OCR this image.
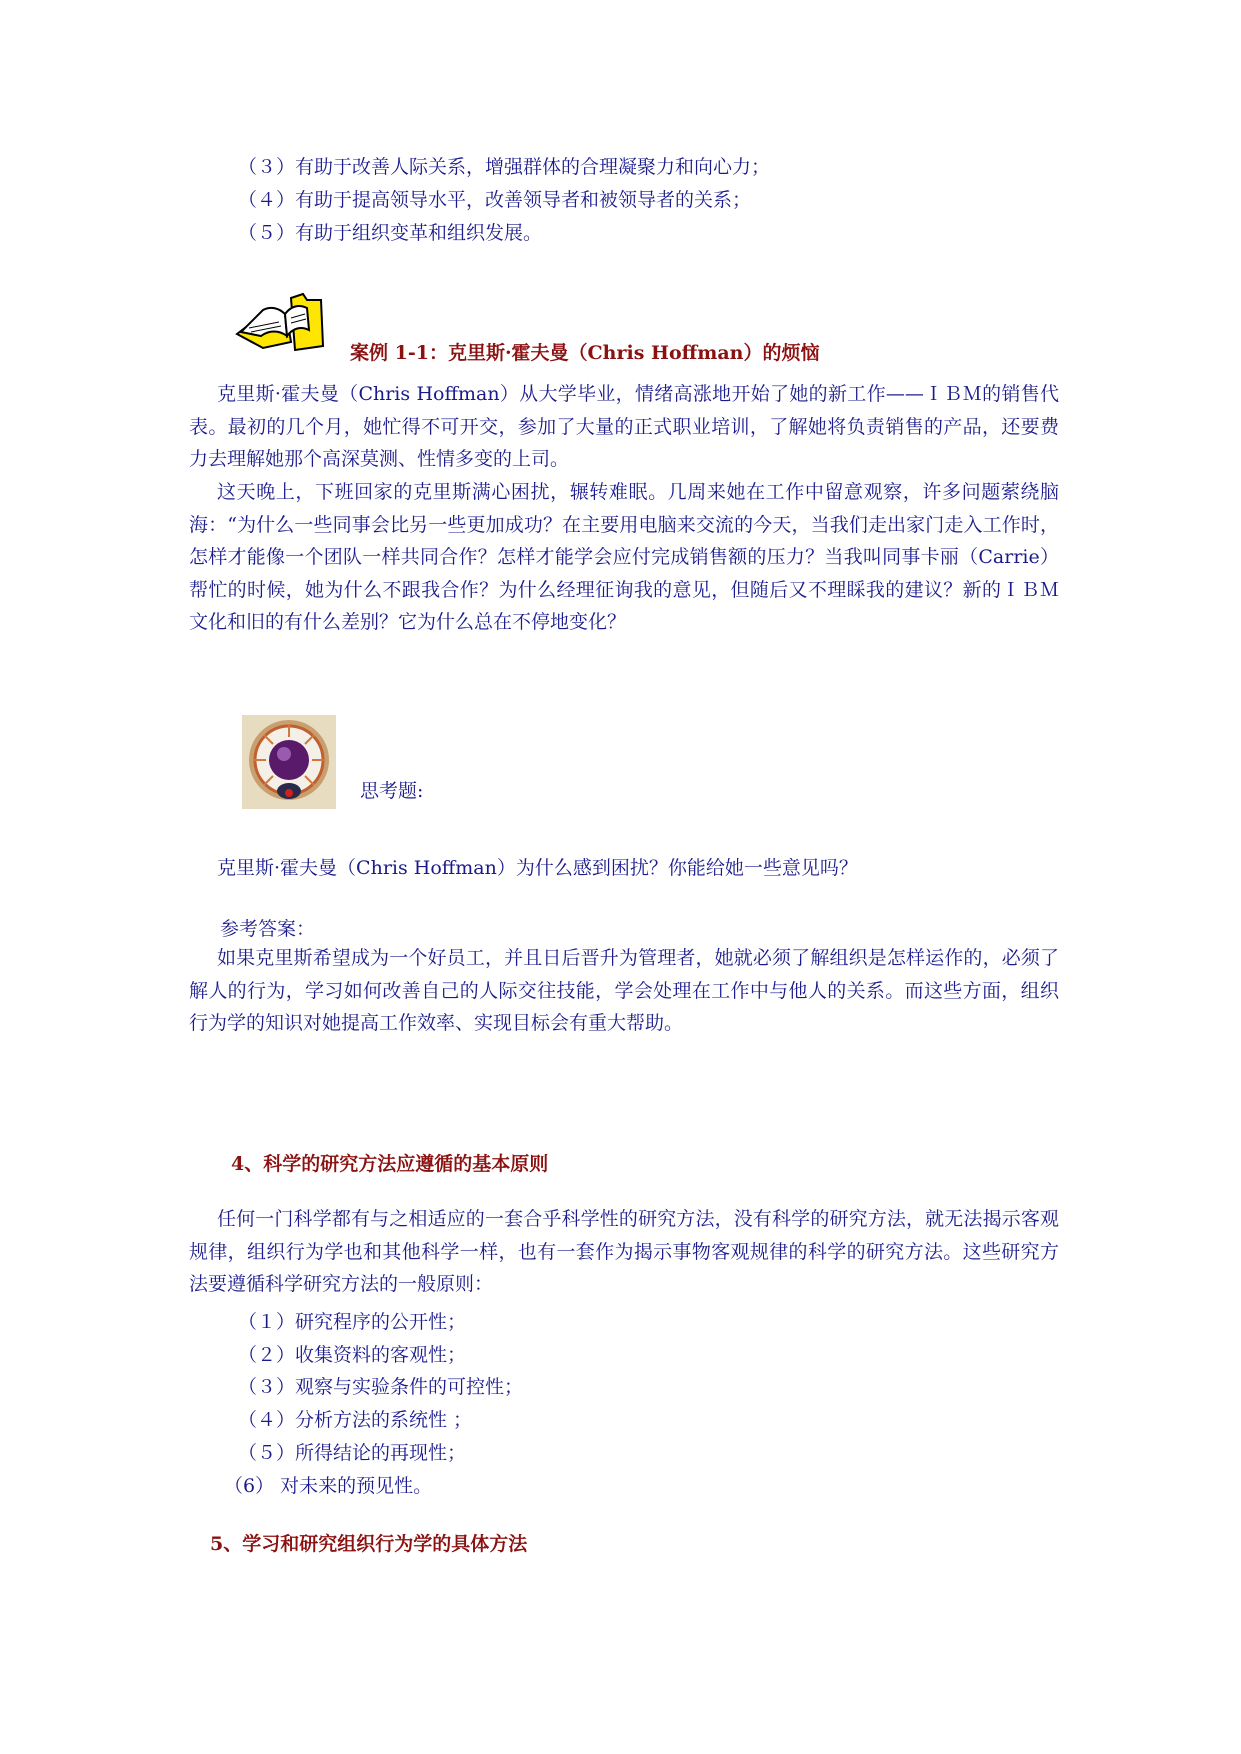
（３）有助于改善人际关系，增强群体的合理凝聚力和向心力；
（４）有助于提高领导水平，改善领导者和被领导者的关系；
（５）有助于组织变革和组织发展。
案例 1-1：克里斯·霍夫曼（Chris Hoffman）的烦恼
克里斯·霍夫曼（Chris Hoffman）从大学毕业，情绪高涨地开始了她的新工作——ＩＢＭ的销售代表。最初的几个月，她忙得不可开交，参加了大量的正式职业培训，了解她将负责销售的产品，还要费力去理解她那个高深莫测、性情多变的上司。
这天晚上，下班回家的克里斯满心困扰，辗转难眠。几周来她在工作中留意观察，许多问题萦绕脑海：“为什么一些同事会比另一些更加成功？在主要用电脑来交流的今天，当我们走出家门走入工作时，怎样才能像一个团队一样共同合作？怎样才能学会应付完成销售额的压力？当我叫同事卡丽（Carrie）帮忙的时候，她为什么不跟我合作？为什么经理征询我的意见，但随后又不理睬我的建议？新的ＩＢＭ文化和旧的有什么差别？它为什么总在不停地变化？
思考题:
克里斯·霍夫曼（Chris Hoffman）为什么感到困扰？你能给她一些意见吗？
参考答案：
如果克里斯希望成为一个好员工，并且日后晋升为管理者，她就必须了解组织是怎样运作的，必须了解人的行为，学习如何改善自己的人际交往技能，学会处理在工作中与他人的关系。而这些方面，组织行为学的知识对她提高工作效率、实现目标会有重大帮助。
4、科学的研究方法应遵循的基本原则
任何一门科学都有与之相适应的一套合乎科学性的研究方法，没有科学的研究方法，就无法揭示客观规律，组织行为学也和其他科学一样，也有一套作为揭示事物客观规律的科学的研究方法。这些研究方法要遵循科学研究方法的一般原则：
（１）研究程序的公开性；
（２）收集资料的客观性；
（３）观察与实验条件的可控性；
（４）分析方法的系统性 ；
（５）所得结论的再现性；
（6） 对未来的预见性。
5、学习和研究组织行为学的具体方法
